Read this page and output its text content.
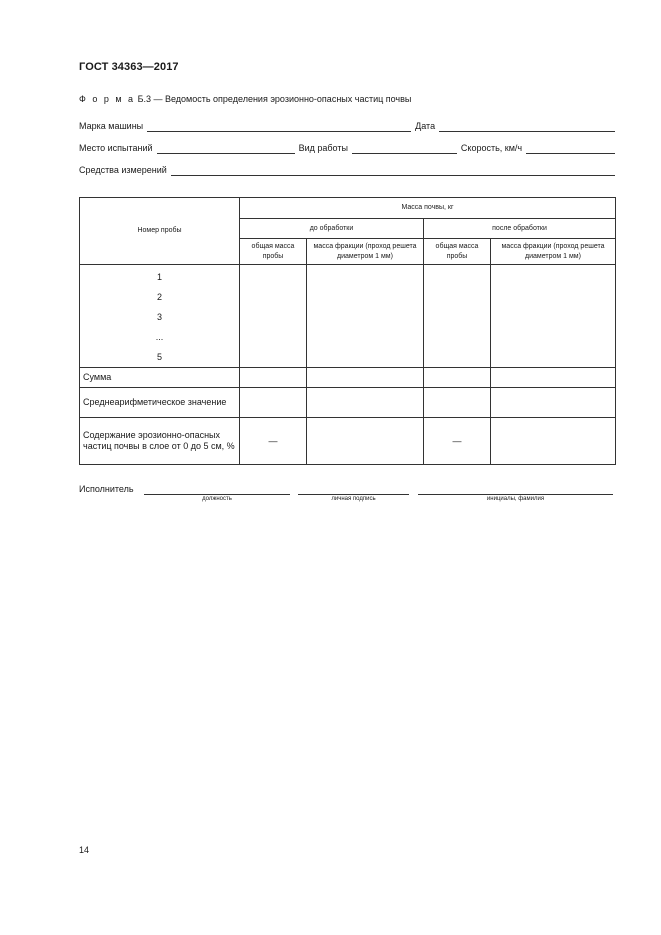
ГОСТ 34363—2017
Ф о р м а Б.3 — Ведомость определения эрозионно-опасных частиц почвы
Марка машины	Дата
Место испытаний	Вид работы	Скорость, км/ч
Средства измерений
Номер пробы	Масса почвы, кг			
	до обработки		после обработки	
	общая масса пробы	масса фракции (проход решета диаметром 1 мм)	общая масса пробы	масса фракции (проход решета диаметром 1 мм)

1
2
3
...
5				

Сумма				
Среднеарифметическое значение				
Содержание эрозионно-опасных частиц почвы в слое от 0 до 5 см, %	—		—	
Исполнитель
должность	личная подпись	инициалы, фамилия
14
